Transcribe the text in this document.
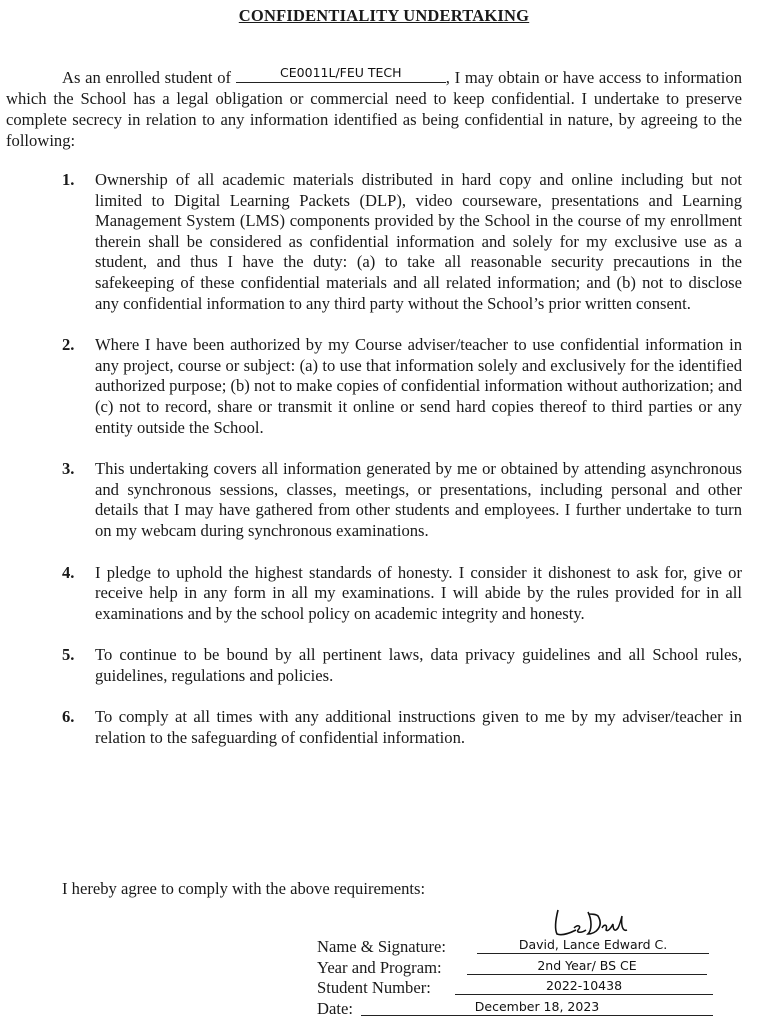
CONFIDENTIALITY UNDERTAKING
As an enrolled student of	CE0011L/FEU TECH	, I may obtain or have access to information which the School has a legal obligation or commercial need to keep confidential. I undertake to preserve complete secrecy in relation to any information identified as being confidential in nature, by agreeing to the following:
1.	Ownership of all academic materials distributed in hard copy and online including but not limited to Digital Learning Packets (DLP), video courseware, presentations and Learning Management System (LMS) components provided by the School in the course of my enrollment therein shall be considered as confidential information and solely for my exclusive use as a student, and thus I have the duty: (a) to take all reasonable security precautions in the safekeeping of these confidential materials and all related information; and (b) not to disclose any confidential information to any third party without the School’s prior written consent.
2.	Where I have been authorized by my Course adviser/teacher to use confidential information in any project, course or subject: (a) to use that information solely and exclusively for the identified authorized purpose; (b) not to make copies of confidential information without authorization; and (c) not to record, share or transmit it online or send hard copies thereof to third parties or any entity outside the School.
3.	This undertaking covers all information generated by me or obtained by attending asynchronous and synchronous sessions, classes, meetings, or presentations, including personal and other details that I may have gathered from other students and employees. I further undertake to turn on my webcam during synchronous examinations.
4.	I pledge to uphold the highest standards of honesty. I consider it dishonest to ask for, give or receive help in any form in all my examinations. I will abide by the rules provided for in all examinations and by the school policy on academic integrity and honesty.
5.	To continue to be bound by all pertinent laws, data privacy guidelines and all School rules, guidelines, regulations and policies.
6.	To comply at all times with any additional instructions given to me by my adviser/teacher in relation to the safeguarding of confidential information.
I hereby agree to comply with the above requirements:
Name & Signature:	David, Lance Edward C.
Year and Program:	2nd Year/ BS CE
Student Number:	2022-10438
Date:	December 18, 2023
